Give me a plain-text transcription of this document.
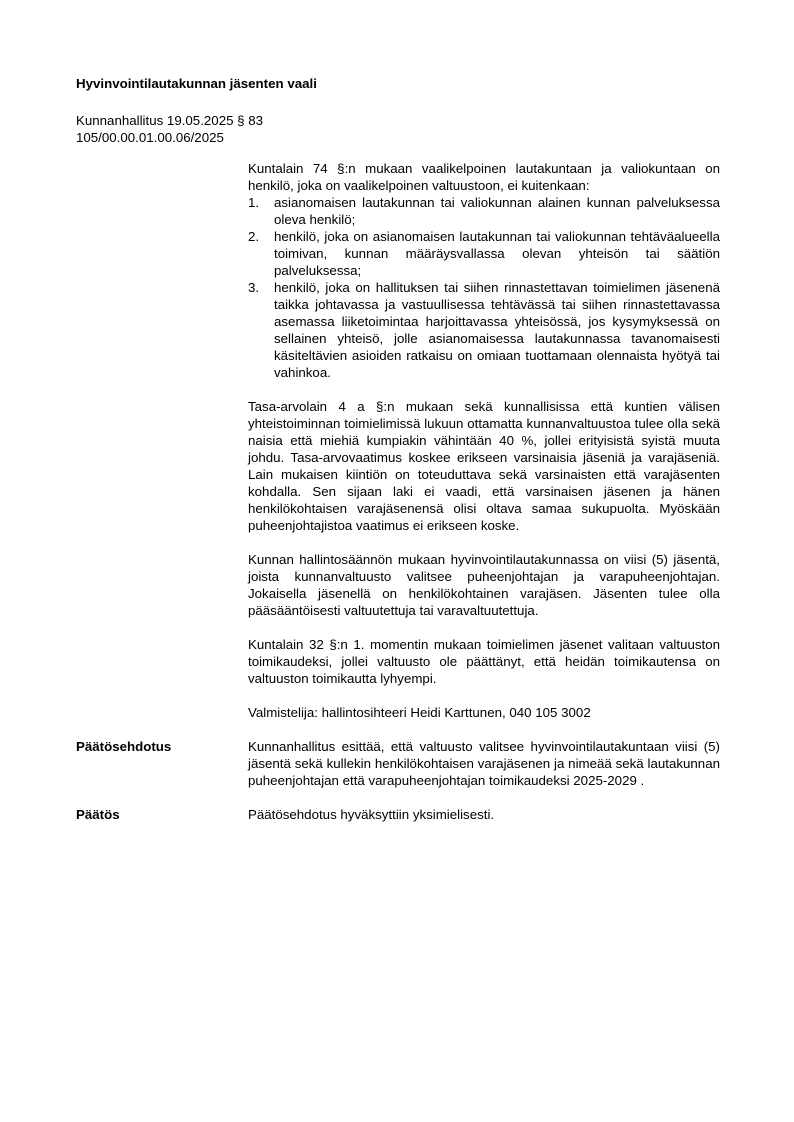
Hyvinvointilautakunnan jäsenten vaali

Kunnanhallitus 19.05.2025 § 83

105/00.00.01.00.06/2025

Kuntalain 74 §:n mukaan vaalikelpoinen lautakuntaan ja valiokuntaan on henkilö, joka on vaalikelpoinen valtuustoon, ei kuitenkaan:

1.	asianomaisen lautakunnan tai valiokunnan alainen kunnan palveluksessa oleva henkilö;
2.	henkilö, joka on asianomaisen lautakunnan tai valiokunnan tehtäväalueella toimivan, kunnan määräysvallassa olevan yhteisön tai säätiön palveluksessa;
3.	henkilö, joka on hallituksen tai siihen rinnastettavan toimielimen jäsenenä taikka johtavassa ja vastuullisessa tehtävässä tai siihen rinnastettavassa asemassa liiketoimintaa harjoittavassa yhteisössä, jos kysymyksessä on sellainen yhteisö, jolle asianomaisessa lautakunnassa tavanomaisesti käsiteltävien asioiden ratkaisu on omiaan tuottamaan olennaista hyötyä tai vahinkoa.

Tasa-arvolain 4 a §:n mukaan sekä kunnallisissa että kuntien välisen yhteistoiminnan toimielimissä lukuun ottamatta kunnanvaltuustoa tulee olla sekä naisia että miehiä kumpiakin vähintään 40 %, jollei erityisistä syistä muuta johdu. Tasa-arvovaatimus koskee erikseen varsinaisia jäseniä ja varajäseniä. Lain mukaisen kiintiön on toteuduttava sekä varsinaisten että varajäsenten kohdalla. Sen sijaan laki ei vaadi, että varsinaisen jäsenen ja hänen henkilökohtaisen varajäsenensä olisi oltava samaa sukupuolta. Myöskään puheenjohtajistoa vaatimus ei erikseen koske.

Kunnan hallintosäännön mukaan hyvinvointilautakunnassa on viisi (5) jäsentä, joista kunnanvaltuusto valitsee puheenjohtajan ja varapuheenjohtajan. Jokaisella jäsenellä on henkilökohtainen varajäsen. Jäsenten tulee olla pääsääntöisesti valtuutettuja tai varavaltuutettuja.

Kuntalain 32 §:n 1. momentin mukaan toimielimen jäsenet valitaan valtuuston toimikaudeksi, jollei valtuusto ole päättänyt, että heidän toimikautensa on valtuuston toimikautta lyhyempi.

Valmistelija: hallintosihteeri Heidi Karttunen, 040 105 3002

Päätösehdotus	Kunnanhallitus esittää, että valtuusto valitsee hyvinvointilautakuntaan viisi (5) jäsentä sekä kullekin henkilökohtaisen varajäsenen ja nimeää sekä lautakunnan puheenjohtajan että varapuheenjohtajan toimikaudeksi 2025-2029 .

Päätös	Päätösehdotus hyväksyttiin yksimielisesti.
